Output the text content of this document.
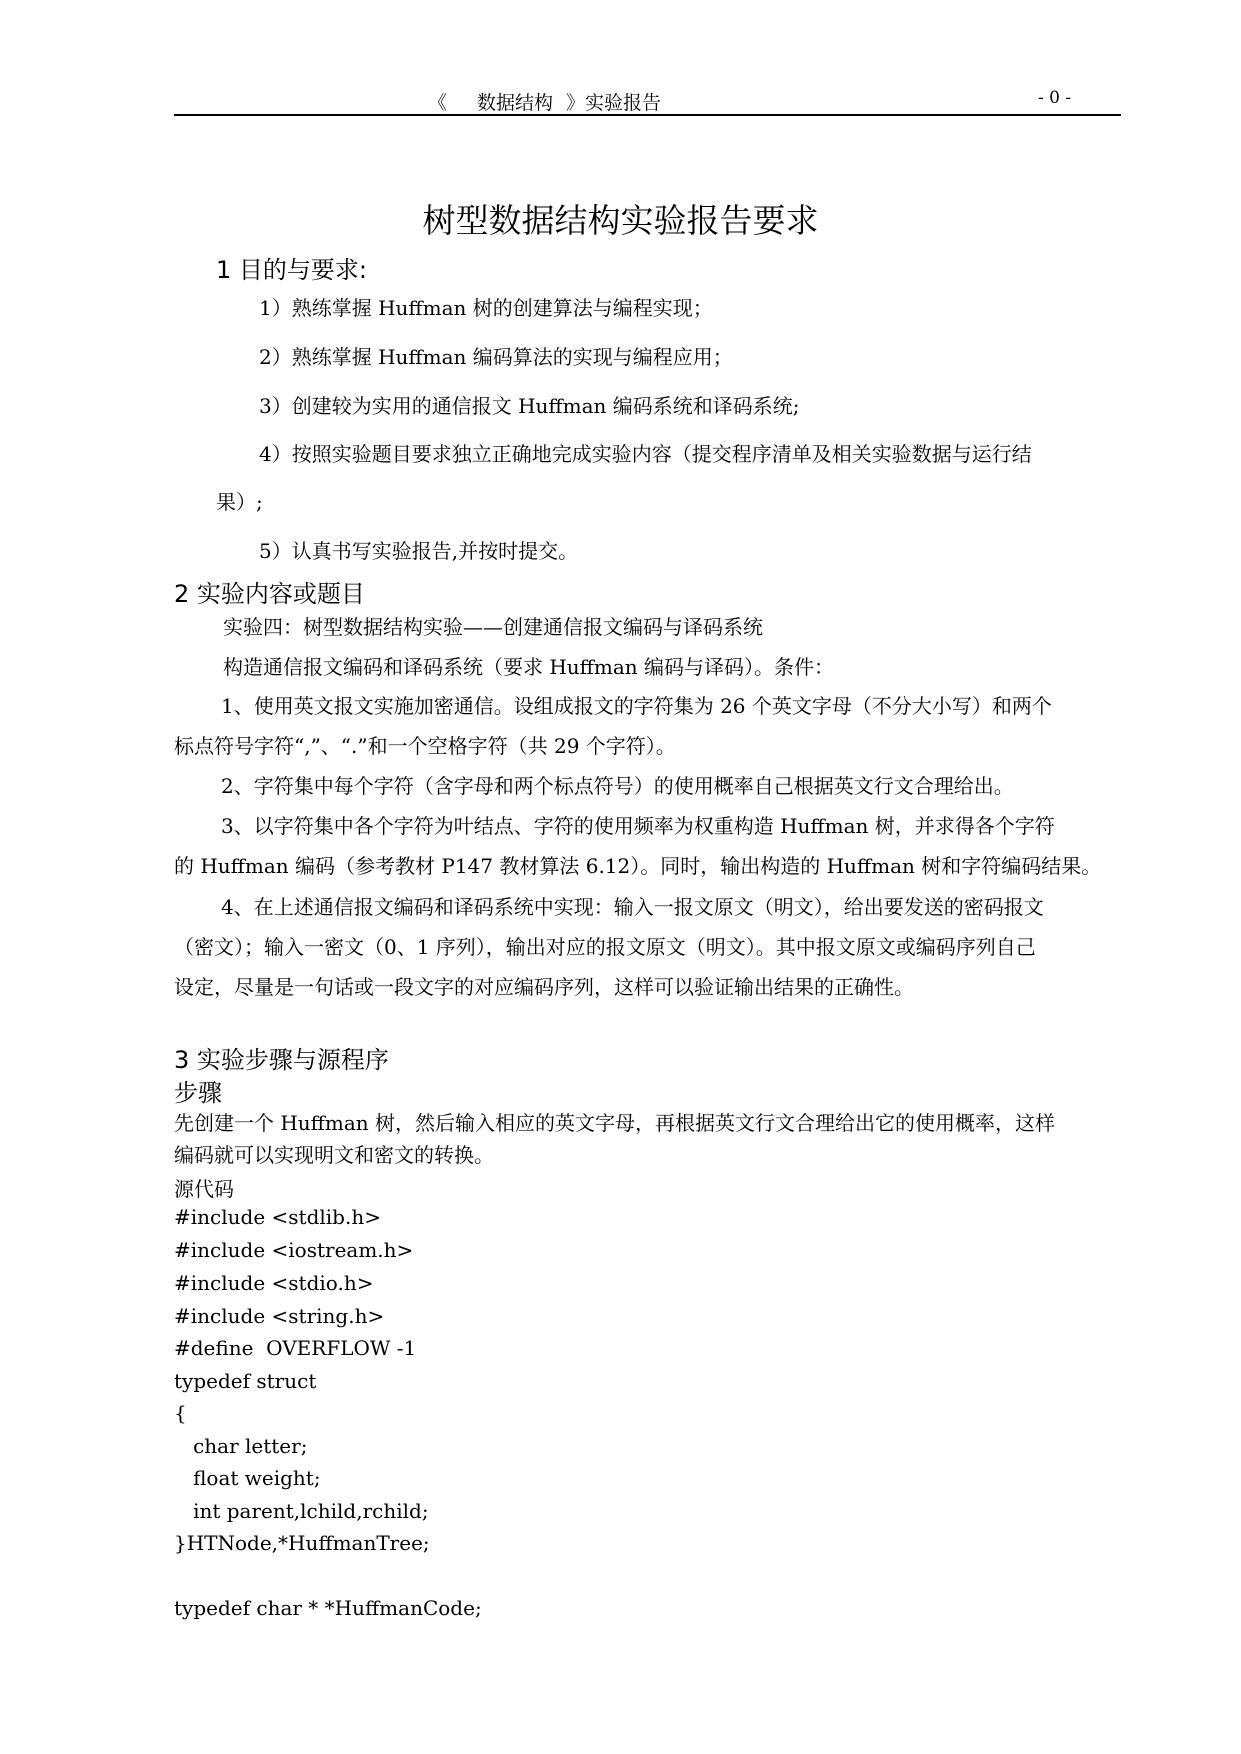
《 数据结构 》实验报告	- 0 -
树型数据结构实验报告要求
1 目的与要求:
1）熟练掌握 Huffman 树的创建算法与编程实现；
2）熟练掌握 Huffman 编码算法的实现与编程应用；
3）创建较为实用的通信报文 Huffman 编码系统和译码系统;
4）按照实验题目要求独立正确地完成实验内容（提交程序清单及相关实验数据与运行结
果）;
5）认真书写实验报告,并按时提交。
2 实验内容或题目
实验四：树型数据结构实验——创建通信报文编码与译码系统
构造通信报文编码和译码系统（要求 Huffman 编码与译码）。条件：
1、使用英文报文实施加密通信。设组成报文的字符集为 26 个英文字母（不分大小写）和两个
标点符号字符“,”、“.”和一个空格字符（共 29 个字符）。
2、字符集中每个字符（含字母和两个标点符号）的使用概率自己根据英文行文合理给出。
3、以字符集中各个字符为叶结点、字符的使用频率为权重构造 Huffman 树，并求得各个字符
的 Huffman 编码（参考教材 P147 教材算法 6.12）。同时，输出构造的 Huffman 树和字符编码结果。
4、在上述通信报文编码和译码系统中实现：输入一报文原文（明文），给出要发送的密码报文
（密文）；输入一密文（0、1 序列），输出对应的报文原文（明文）。其中报文原文或编码序列自己
设定，尽量是一句话或一段文字的对应编码序列，这样可以验证输出结果的正确性。
3 实验步骤与源程序
步骤
先创建一个 Huffman 树，然后输入相应的英文字母，再根据英文行文合理给出它的使用概率，这样
编码就可以实现明文和密文的转换。
源代码
#include <stdlib.h>
#include <iostream.h>
#include <stdio.h>
#include <string.h>
#define  OVERFLOW -1
typedef struct
{
char letter;
float weight;
int parent,lchild,rchild;
}HTNode,*HuffmanTree;
typedef char * *HuffmanCode;
